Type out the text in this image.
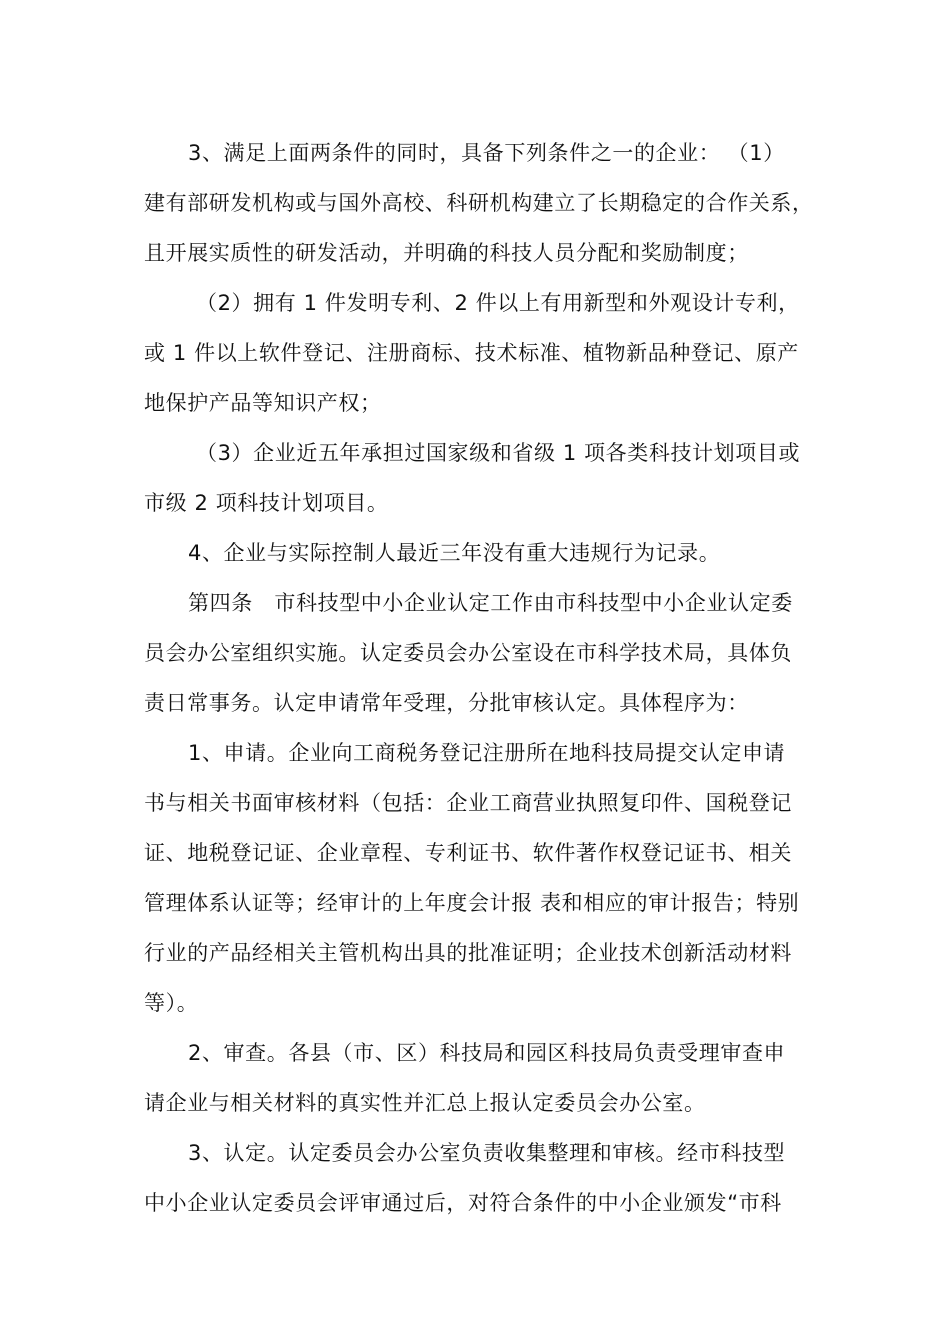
3、满足上面两条件的同时，具备下列条件之一的企业： （1）
建有部研发机构或与国外高校、科研机构建立了长期稳定的合作关系，
且开展实质性的研发活动，并明确的科技人员分配和奖励制度；
（2）拥有 1 件发明专利、2 件以上有用新型和外观设计专利，
或 1 件以上软件登记、注册商标、技术标准、植物新品种登记、原产
地保护产品等知识产权；
（3）企业近五年承担过国家级和省级 1 项各类科技计划项目或
市级 2 项科技计划项目。
4、企业与实际控制人最近三年没有重大违规行为记录。
第四条　市科技型中小企业认定工作由市科技型中小企业认定委
员会办公室组织实施。认定委员会办公室设在市科学技术局，具体负
责日常事务。认定申请常年受理，分批审核认定。具体程序为：
1、申请。企业向工商税务登记注册所在地科技局提交认定申请
书与相关书面审核材料（包括：企业工商营业执照复印件、国税登记
证、地税登记证、企业章程、专利证书、软件著作权登记证书、相关
管理体系认证等；经审计的上年度会计报 表和相应的审计报告；特别
行业的产品经相关主管机构出具的批准证明；企业技术创新活动材料
等）。
2、审查。各县（市、区）科技局和园区科技局负责受理审查申
请企业与相关材料的真实性并汇总上报认定委员会办公室。
3、认定。认定委员会办公室负责收集整理和审核。经市科技型
中小企业认定委员会评审通过后，对符合条件的中小企业颁发“市科
